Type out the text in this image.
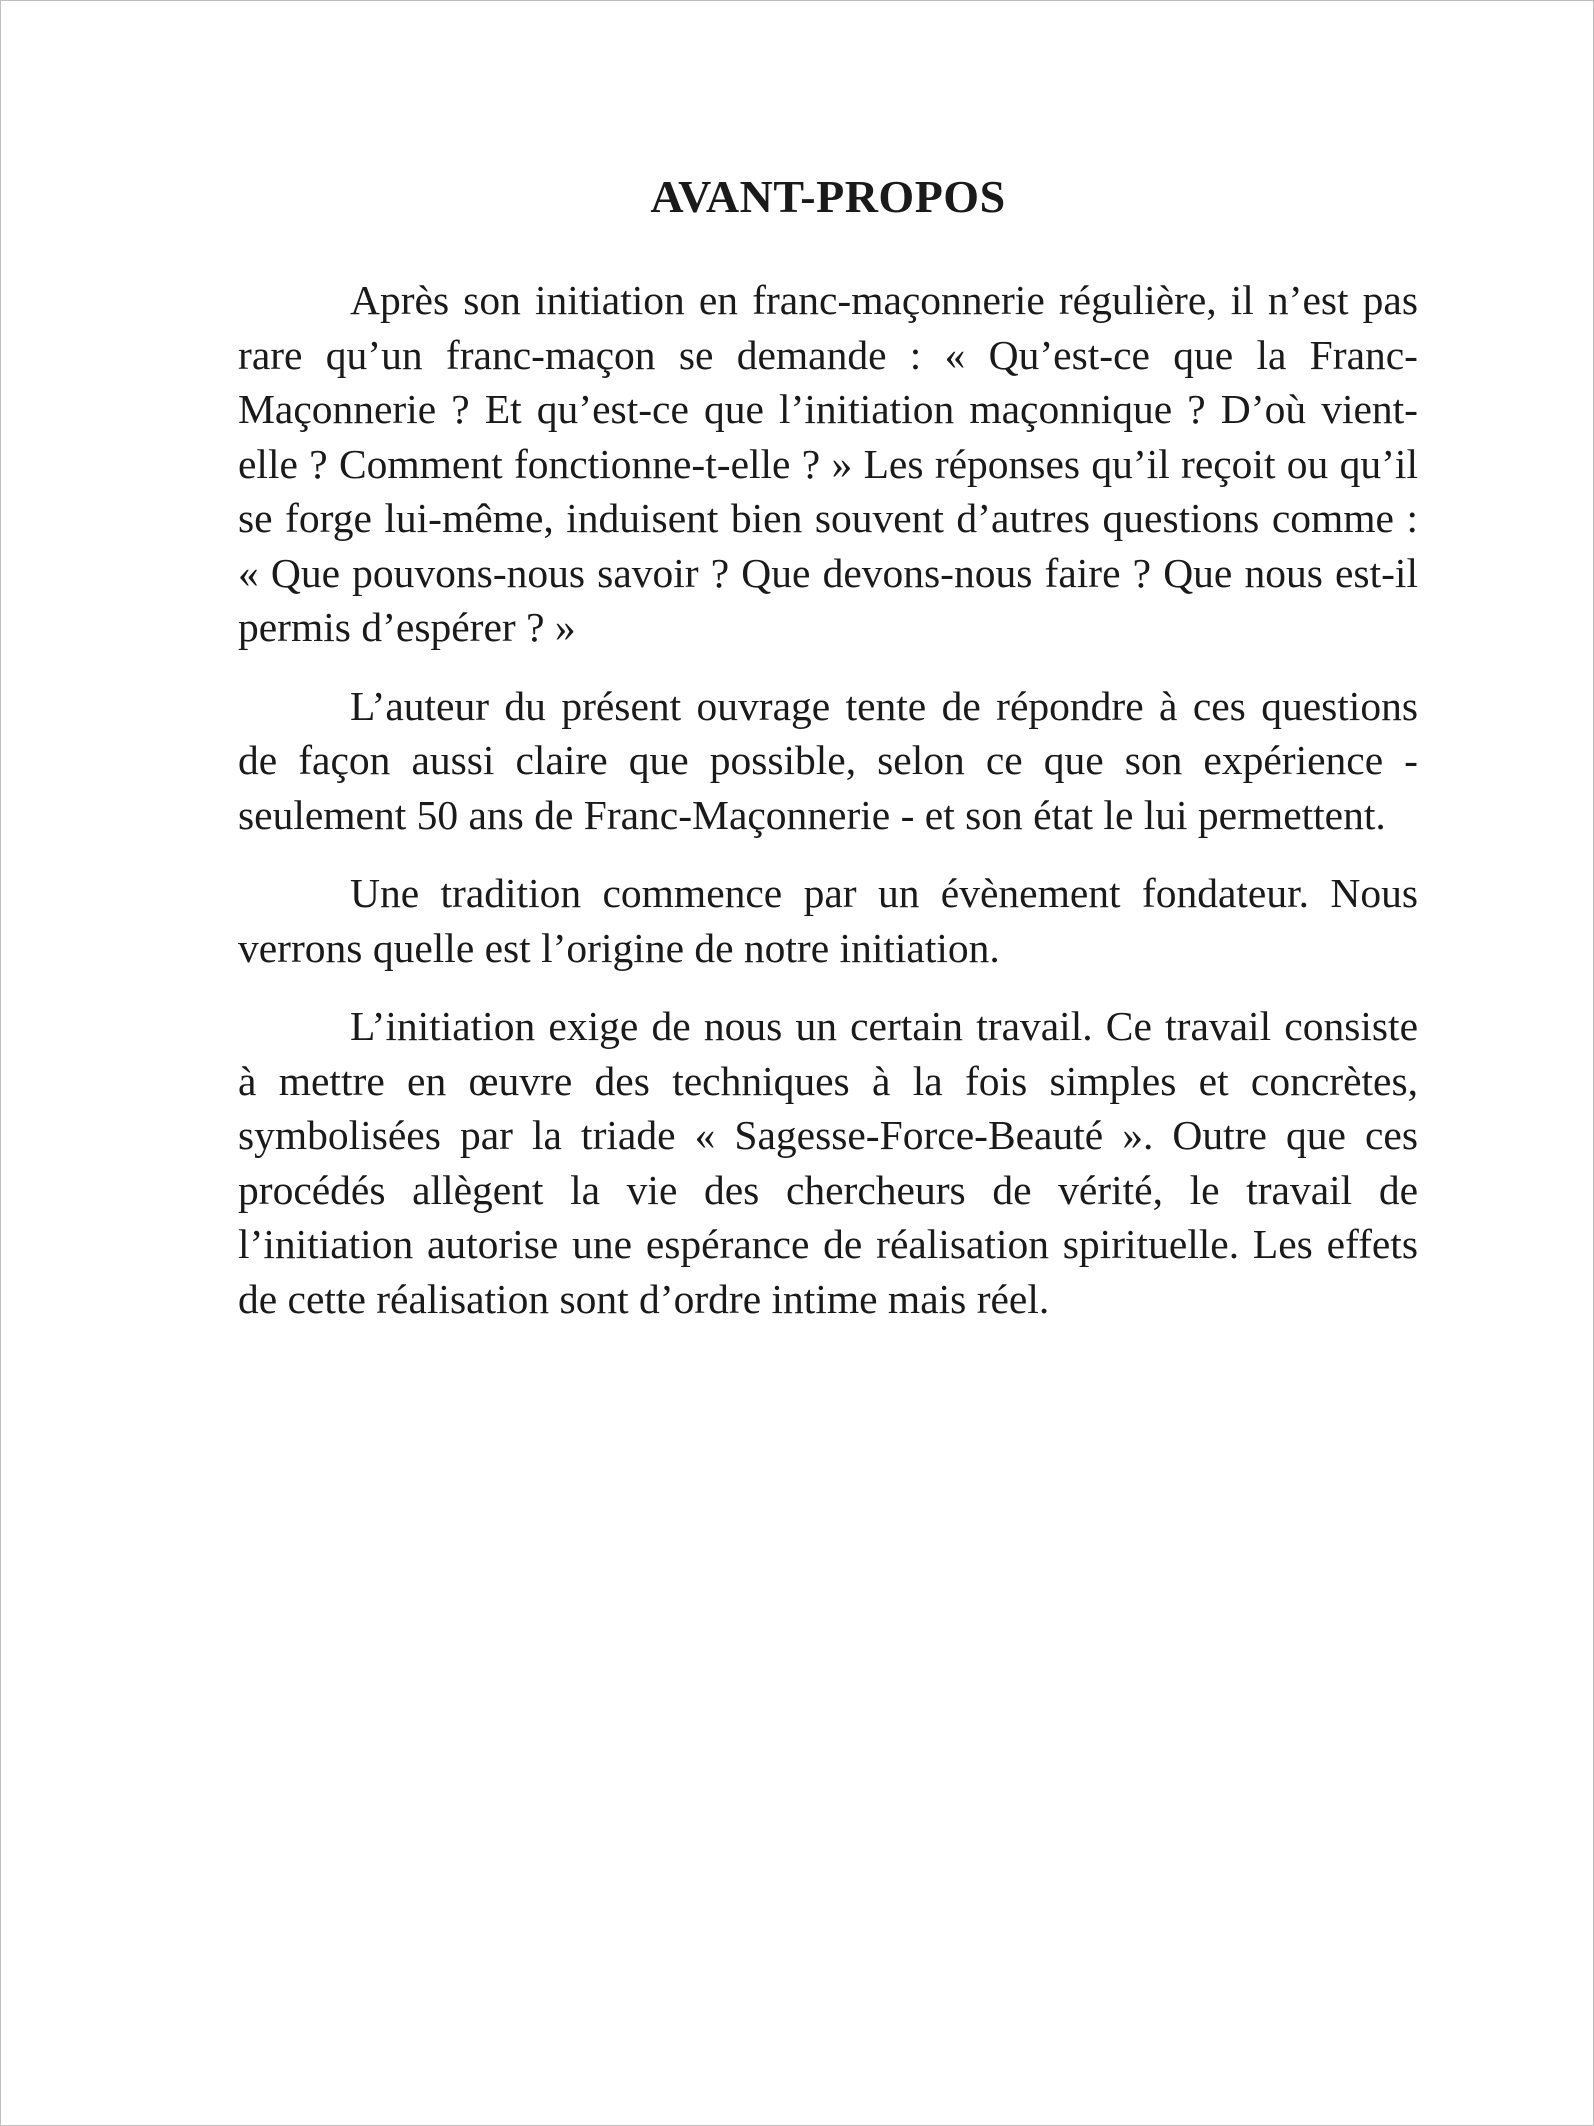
AVANT-PROPOS

Après son initiation en franc-maçonnerie régulière, il n’est pas rare qu’un franc-maçon se demande : « Qu’est-ce que la Franc-Maçonnerie ? Et qu’est-ce que l’initiation maçonnique ? D’où vient-elle ? Comment fonctionne-t-elle ? » Les réponses qu’il reçoit ou qu’il se forge lui-même, induisent bien souvent d’autres questions comme : « Que pouvons-nous savoir ? Que devons-nous faire ? Que nous est-il permis d’espérer ? »

L’auteur du présent ouvrage tente de répondre à ces questions de façon aussi claire que possible, selon ce que son expérience - seulement 50 ans de Franc-Maçonnerie - et son état le lui permettent.

Une tradition commence par un évènement fondateur. Nous verrons quelle est l’origine de notre initiation.

L’initiation exige de nous un certain travail. Ce travail consiste à mettre en œuvre des techniques à la fois simples et concrètes, symbolisées par la triade « Sagesse-Force-Beauté ». Outre que ces procédés allègent la vie des chercheurs de vérité, le travail de l’initiation autorise une espérance de réalisation spirituelle. Les effets de cette réalisation sont d’ordre intime mais réel.
